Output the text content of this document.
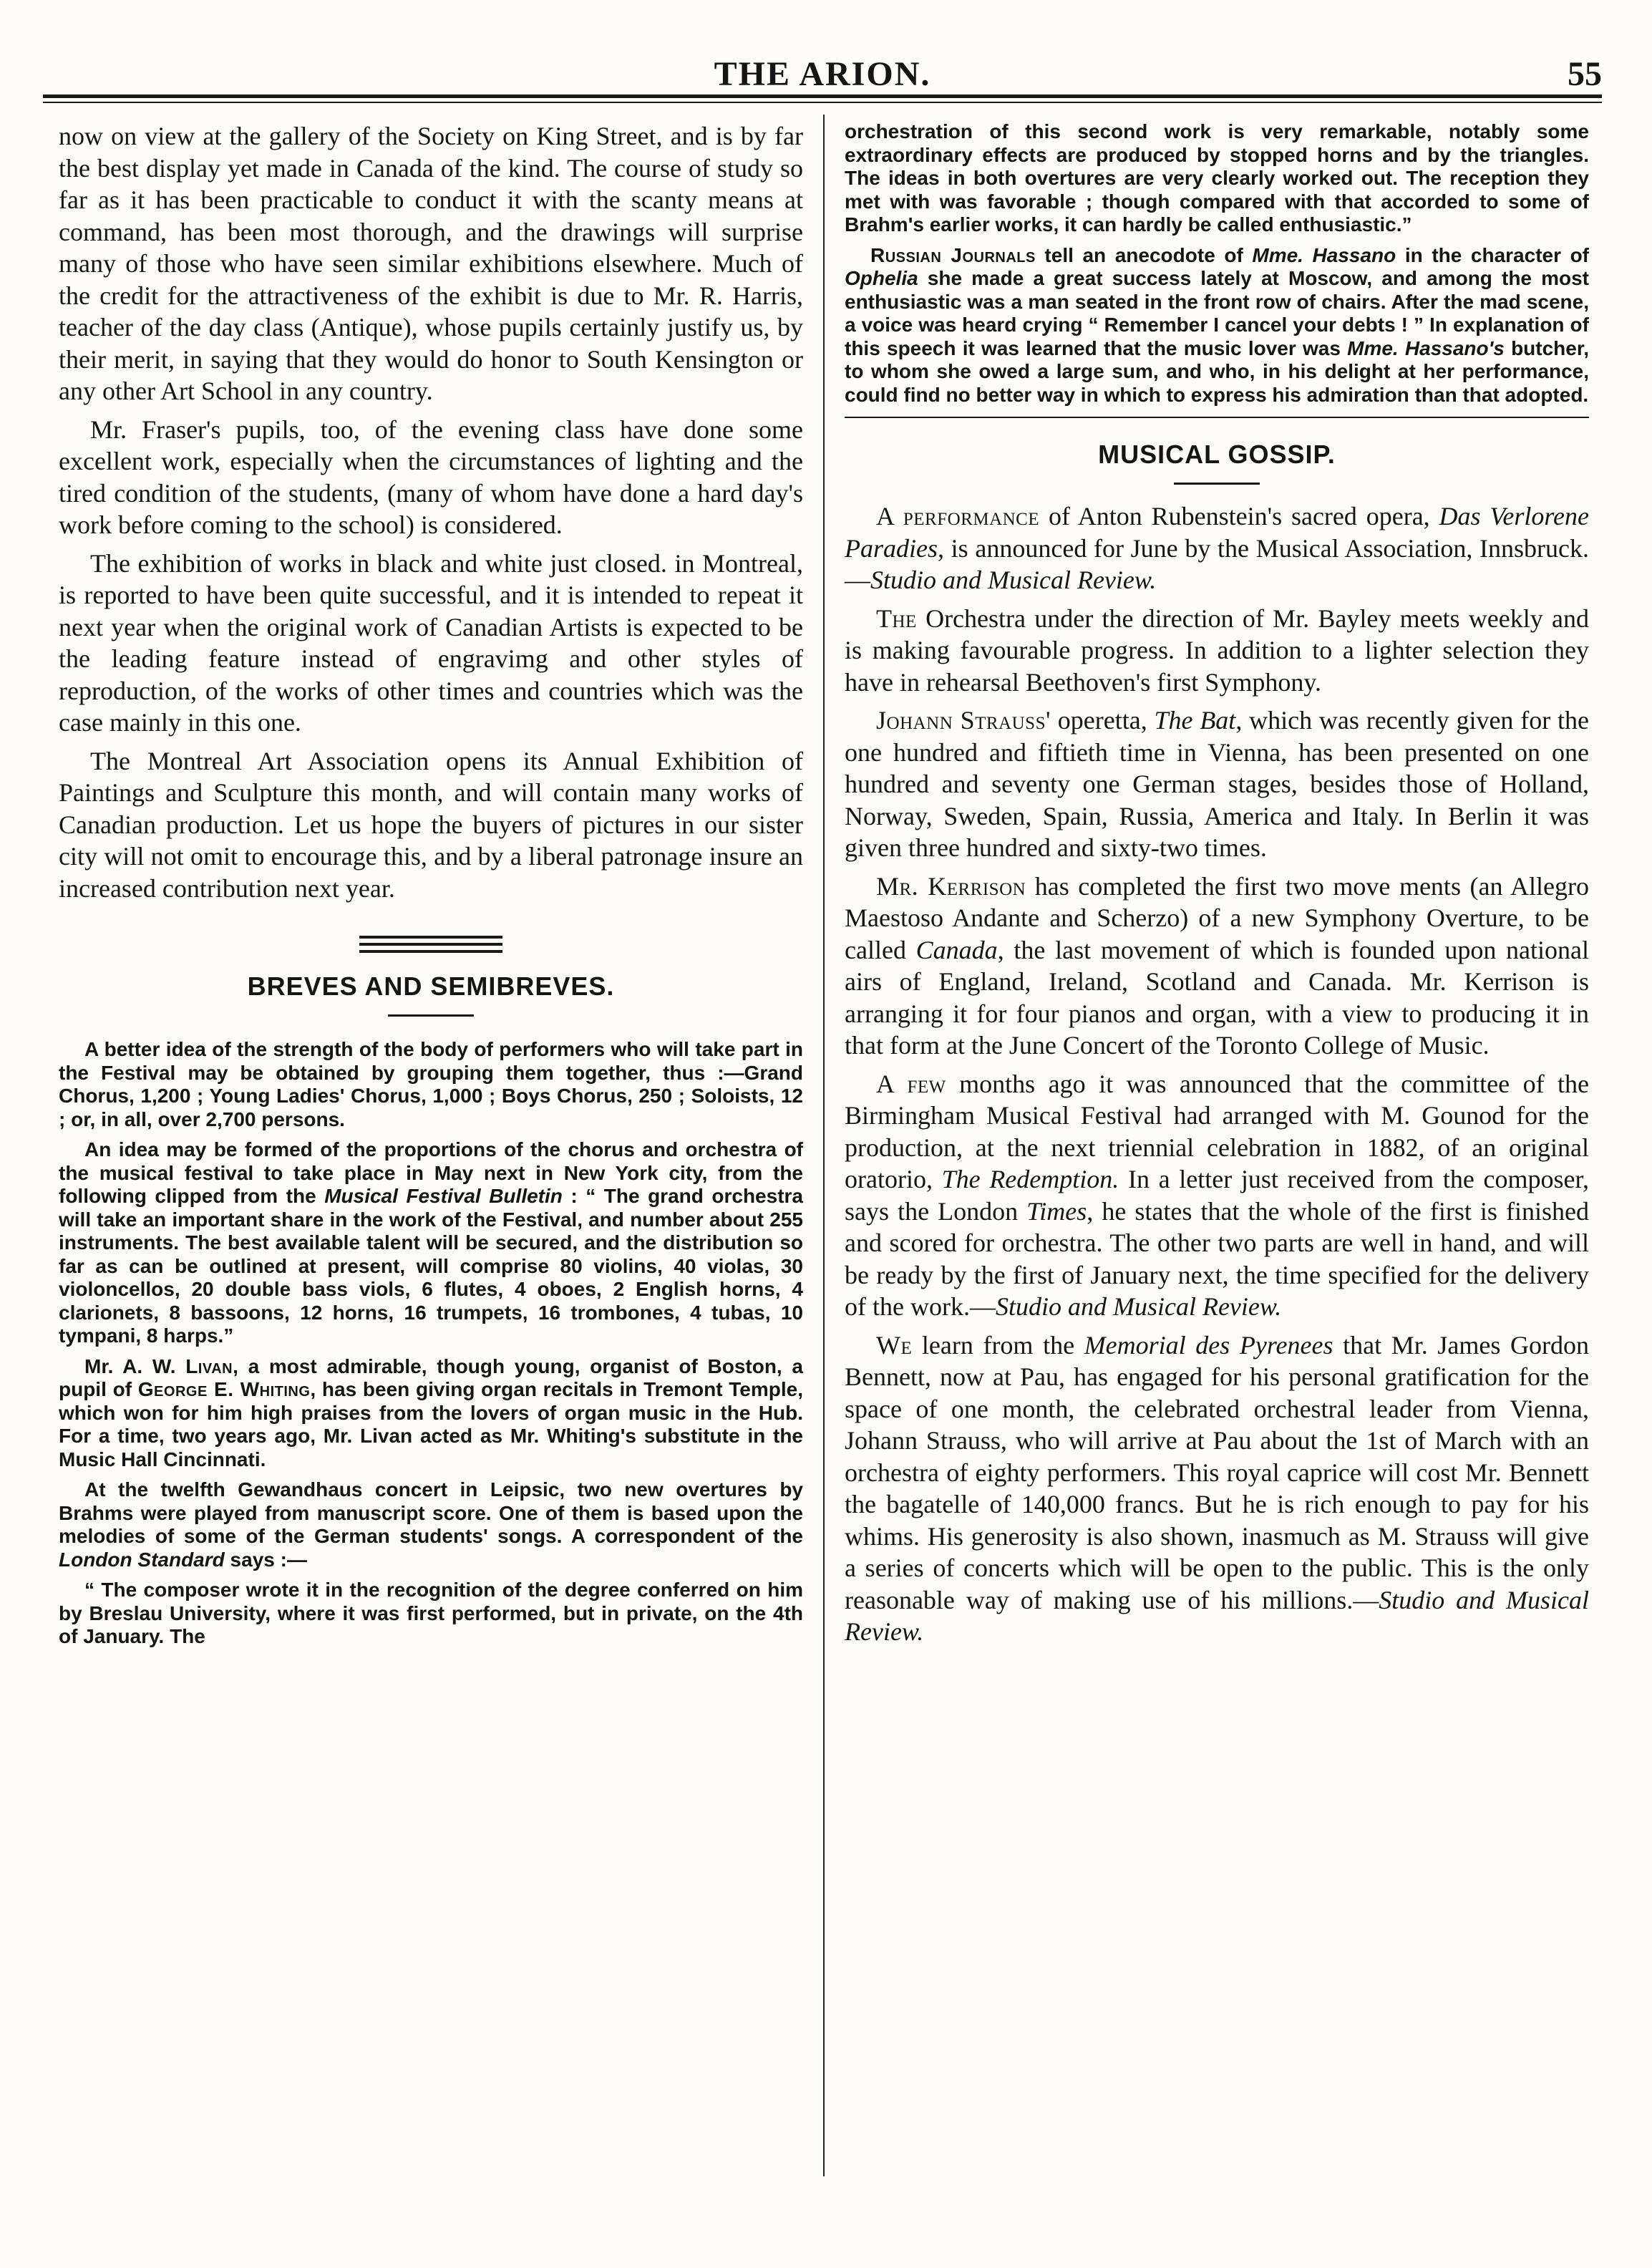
THE ARION.	55

now on view at the gallery of the Society on King Street, and is by far the best display yet made in Canada of the kind. The course of study so far as it has been practicable to conduct it with the scanty means at command, has been most thorough, and the drawings will surprise many of those who have seen similar exhibitions elsewhere. Much of the credit for the attractiveness of the exhibit is due to Mr. R. Harris, teacher of the day class (Antique), whose pupils certainly justify us, by their merit, in saying that they would do honor to South Kensington or any other Art School in any country.

Mr. Fraser's pupils, too, of the evening class have done some excellent work, especially when the circumstances of lighting and the tired condition of the students, (many of whom have done a hard day's work before coming to the school) is considered.

The exhibition of works in black and white just closed. in Montreal, is reported to have been quite successful, and it is intended to repeat it next year when the original work of Canadian Artists is expected to be the leading feature instead of engravimg and other styles of reproduction, of the works of other times and countries which was the case mainly in this one.

The Montreal Art Association opens its Annual Exhibition of Paintings and Sculpture this month, and will contain many works of Canadian production. Let us hope the buyers of pictures in our sister city will not omit to encourage this, and by a liberal patronage insure an increased contribution next year.

BREVES AND SEMIBREVES.

A better idea of the strength of the body of performers who will take part in the Festival may be obtained by grouping them together, thus :—Grand Chorus, 1,200 ; Young Ladies' Chorus, 1,000 ; Boys Chorus, 250 ; Soloists, 12 ; or, in all, over 2,700 persons.

An idea may be formed of the proportions of the chorus and orchestra of the musical festival to take place in May next in New York city, from the following clipped from the Musical Festival Bulletin : “ The grand orchestra will take an important share in the work of the Festival, and number about 255 instruments. The best available talent will be secured, and the distribution so far as can be outlined at present, will comprise 80 violins, 40 violas, 30 violoncellos, 20 double bass viols, 6 flutes, 4 oboes, 2 English horns, 4 clarionets, 8 bassoons, 12 horns, 16 trumpets, 16 trombones, 4 tubas, 10 tympani, 8 harps.”

Mr. A. W. Livan, a most admirable, though young, organist of Boston, a pupil of George E. Whiting, has been giving organ recitals in Tremont Temple, which won for him high praises from the lovers of organ music in the Hub. For a time, two years ago, Mr. Livan acted as Mr. Whiting's substitute in the Music Hall Cincinnati.

At the twelfth Gewandhaus concert in Leipsic, two new overtures by Brahms were played from manuscript score. One of them is based upon the melodies of some of the German students' songs. A correspondent of the London Standard says :—

“ The composer wrote it in the recognition of the degree conferred on him by Breslau University, where it was first performed, but in private, on the 4th of January. The

orchestration of this second work is very remarkable, notably some extraordinary effects are produced by stopped horns and by the triangles. The ideas in both overtures are very clearly worked out. The reception they met with was favorable ; though compared with that accorded to some of Brahm's earlier works, it can hardly be called enthusiastic.”

Russian Journals tell an anecodote of Mme. Hassano in the character of Ophelia she made a great success lately at Moscow, and among the most enthusiastic was a man seated in the front row of chairs. After the mad scene, a voice was heard crying “ Remember I cancel your debts ! ” In explanation of this speech it was learned that the music lover was Mme. Hassano's butcher, to whom she owed a large sum, and who, in his delight at her performance, could find no better way in which to express his admiration than that adopted.

MUSICAL GOSSIP.

A performance of Anton Rubenstein's sacred opera, Das Verlorene Paradies, is announced for June by the Musical Association, Innsbruck.—Studio and Musical Review.

The Orchestra under the direction of Mr. Bayley meets weekly and is making favourable progress. In addition to a lighter selection they have in rehearsal Beethoven's first Symphony.

Johann Strauss' operetta, The Bat, which was recently given for the one hundred and fiftieth time in Vienna, has been presented on one hundred and seventy one German stages, besides those of Holland, Norway, Sweden, Spain, Russia, America and Italy. In Berlin it was given three hundred and sixty-two times.

Mr. Kerrison has completed the first two move ments (an Allegro Maestoso Andante and Scherzo) of a new Symphony Overture, to be called Canada, the last movement of which is founded upon national airs of England, Ireland, Scotland and Canada. Mr. Kerrison is arranging it for four pianos and organ, with a view to producing it in that form at the June Concert of the Toronto College of Music.

A few months ago it was announced that the committee of the Birmingham Musical Festival had arranged with M. Gounod for the production, at the next triennial celebration in 1882, of an original oratorio, The Redemption. In a letter just received from the composer, says the London Times, he states that the whole of the first is finished and scored for orchestra. The other two parts are well in hand, and will be ready by the first of January next, the time specified for the delivery of the work.—Studio and Musical Review.

We learn from the Memorial des Pyrenees that Mr. James Gordon Bennett, now at Pau, has engaged for his personal gratification for the space of one month, the celebrated orchestral leader from Vienna, Johann Strauss, who will arrive at Pau about the 1st of March with an orchestra of eighty performers. This royal caprice will cost Mr. Bennett the bagatelle of 140,000 francs. But he is rich enough to pay for his whims. His generosity is also shown, inasmuch as M. Strauss will give a series of concerts which will be open to the public. This is the only reasonable way of making use of his millions.—Studio and Musical Review.
